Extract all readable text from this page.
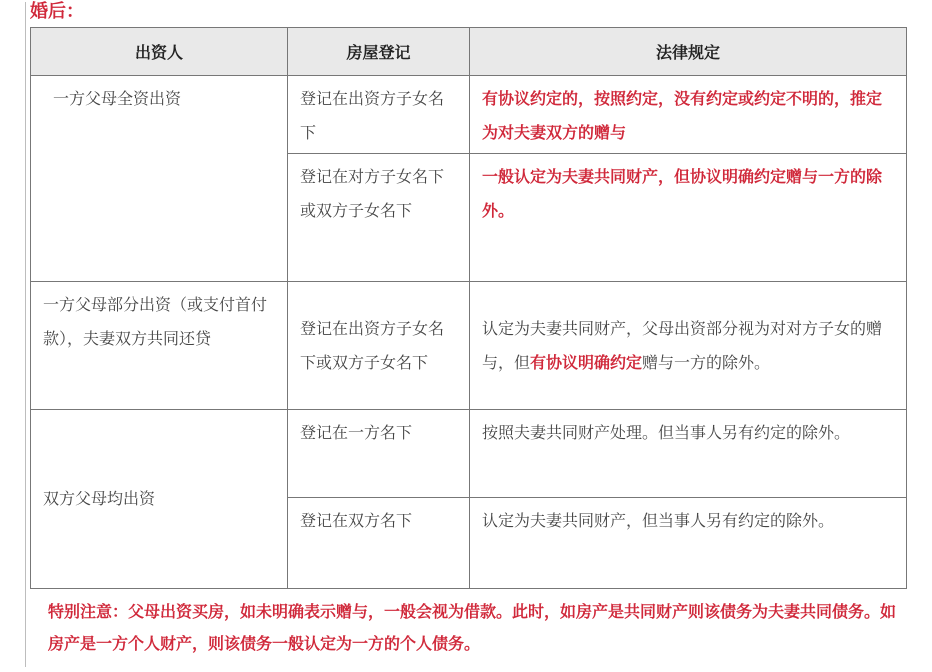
婚后：
出资人	房屋登记	法律规定
一方父母全资出资	登记在出资方子女名下	有协议约定的，按照约定，没有约定或约定不明的，推定为对夫妻双方的赠与
	登记在对方子女名下或双方子女名下	一般认定为夫妻共同财产，但协议明确约定赠与一方的除外。
一方父母部分出资（或支付首付款），夫妻双方共同还贷	登记在出资方子女名下或双方子女名下	认定为夫妻共同财产，父母出资部分视为对对方子女的赠与，但有协议明确约定赠与一方的除外。
双方父母均出资	登记在一方名下	按照夫妻共同财产处理。但当事人另有约定的除外。
	登记在双方名下	认定为夫妻共同财产，但当事人另有约定的除外。
特别注意：父母出资买房，如未明确表示赠与，一般会视为借款。此时，如房产是共同财产则该债务为夫妻共同债务。如房产是一方个人财产，则该债务一般认定为一方的个人债务。
